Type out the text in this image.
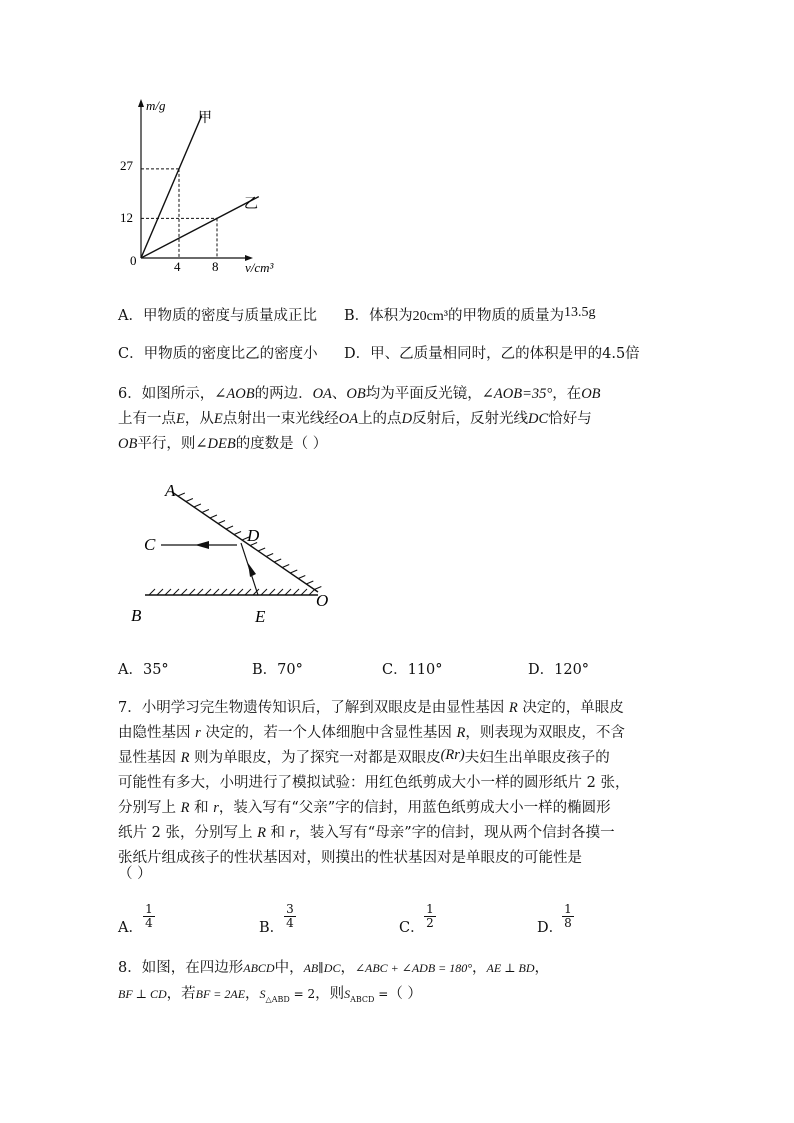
m/g
v/cm³
0
27
12
4 8
甲
乙
A．甲物质的密度与质量成正比 B．体积为20cm³的甲物质的质量为13.5g
C．甲物质的密度比乙的密度小 D．甲、乙质量相同时，乙的体积是甲的4.5倍
6．如图所示，∠AOB的两边．OA、OB均为平面反光镜，∠AOB=35°，在OB
上有一点E，从E点射出一束光线经OA上的点D反射后，反射光线DC恰好与
OB平行，则∠DEB的度数是（ ）
A
C	D
O
B	E
A．35°	B．70°	C．110°	D．120°
7．小明学习完生物遗传知识后，了解到双眼皮是由显性基因 R 决定的，单眼皮
由隐性基因 r 决定的，若一个人体细胞中含显性基因 R，则表现为双眼皮，不含
显性基因 R 则为单眼皮，为了探究一对都是双眼皮(Rr)夫妇生出单眼皮孩子的
可能性有多大，小明进行了模拟试验：用红色纸剪成大小一样的圆形纸片 2 张，
分别写上 R 和 r，装入写有“父亲”字的信封，用蓝色纸剪成大小一样的椭圆形
纸片 2 张，分别写上 R 和 r，装入写有“母亲”字的信封，现从两个信封各摸一
张纸片组成孩子的性状基因对，则摸出的性状基因对是单眼皮的可能性是
（ ）
A． $\frac{1}{4}$	B． $\frac{3}{4}$	C． $\frac{1}{2}$	D．
$\frac{1}{8}$
8．如图，在四边形ABCD中，AB∥DC，∠ABC + ∠ADB = 180°，AE ⊥ BD，
BF ⊥ CD，若BF = 2AE，$S_{\triangle ABD} = 2$，则$S_{ABCD}$ =（ ）
